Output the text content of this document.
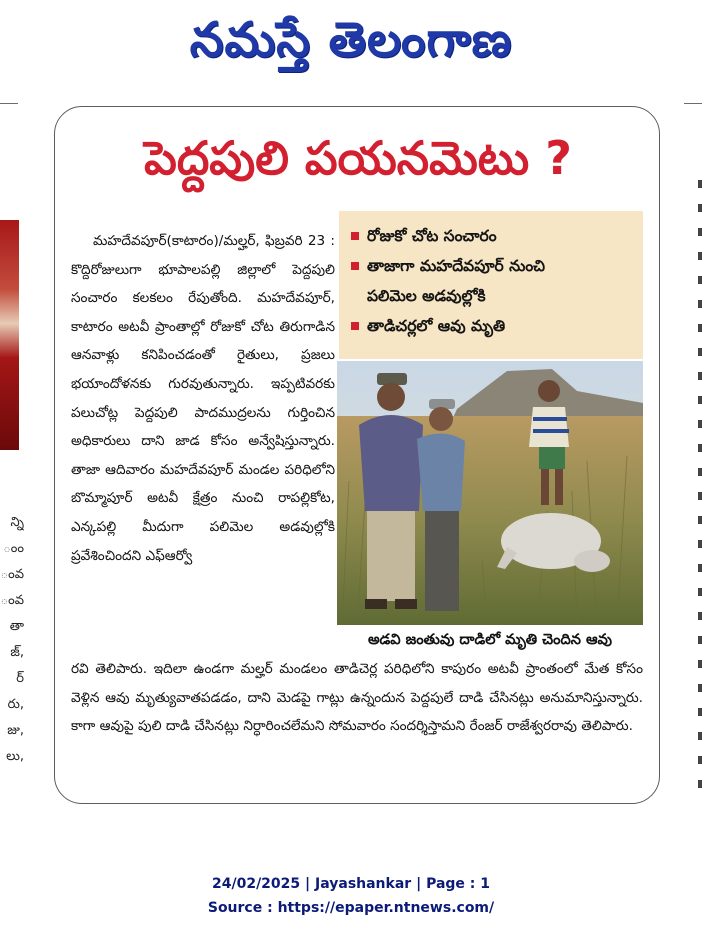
నమస్తే తెలంగాణ
న్ని
ంం
ంవ
ంవ
తా
జ్,
ర్
రు,
జు,
లు,
పెద్దపులి పయనమెటు ?

మహదేవపూర్(కాటారం)/మల్హర్, ఫిబ్రవరి 23 : కొద్దిరోజులుగా భూపాలపల్లి జిల్లాలో పెద్దపులి సంచారం కలకలం రేపుతోంది. మహదేవపూర్, కాటారం అటవీ ప్రాంతాల్లో రోజుకో చోట తిరుగాడిన ఆనవాళ్లు కనిపించడంతో రైతులు, ప్రజలు భయాందోళనకు గురవుతున్నారు. ఇప్పటివరకు పలుచోట్ల పెద్దపులి పాదముద్రలను గుర్తించిన అధికారులు దాని జాడ కోసం అన్వేషిస్తున్నారు. తాజా ఆదివారం మహదేవపూర్ మండల పరిధిలోని బొమ్మాపూర్ అటవీ క్షేత్రం నుంచి రాపల్లికోట, ఎన్కపల్లి మీదుగా పలిమెల అడవుల్లోకి ప్రవేశించిందని ఎఫ్ఆర్వో

రోజుకో చోట సంచారం
తాజాగా మహదేవపూర్ నుంచి
పలిమెల అడవుల్లోకి
తాడిచర్లలో ఆవు మృతి
అడవి జంతువు దాడిలో మృతి చెందిన ఆవు
రవి తెలిపారు. ఇదిలా ఉండగా మల్హర్ మండలం తాడిచెర్ల పరిధిలోని కాపురం అటవీ ప్రాంతంలో మేత కోసం వెళ్లిన ఆవు మృత్యువాతపడడం, దాని మెడపై గాట్లు ఉన్నందున పెద్దపులే దాడి చేసినట్లు అనుమానిస్తున్నారు. కాగా ఆవుపై పులి దాడి చేసినట్లు నిర్ధారించలేమని సోమవారం సందర్శిస్తామని రేంజర్ రాజేశ్వరరావు తెలిపారు.
24/02/2025 | Jayashankar | Page : 1
Source : https://epaper.ntnews.com/
